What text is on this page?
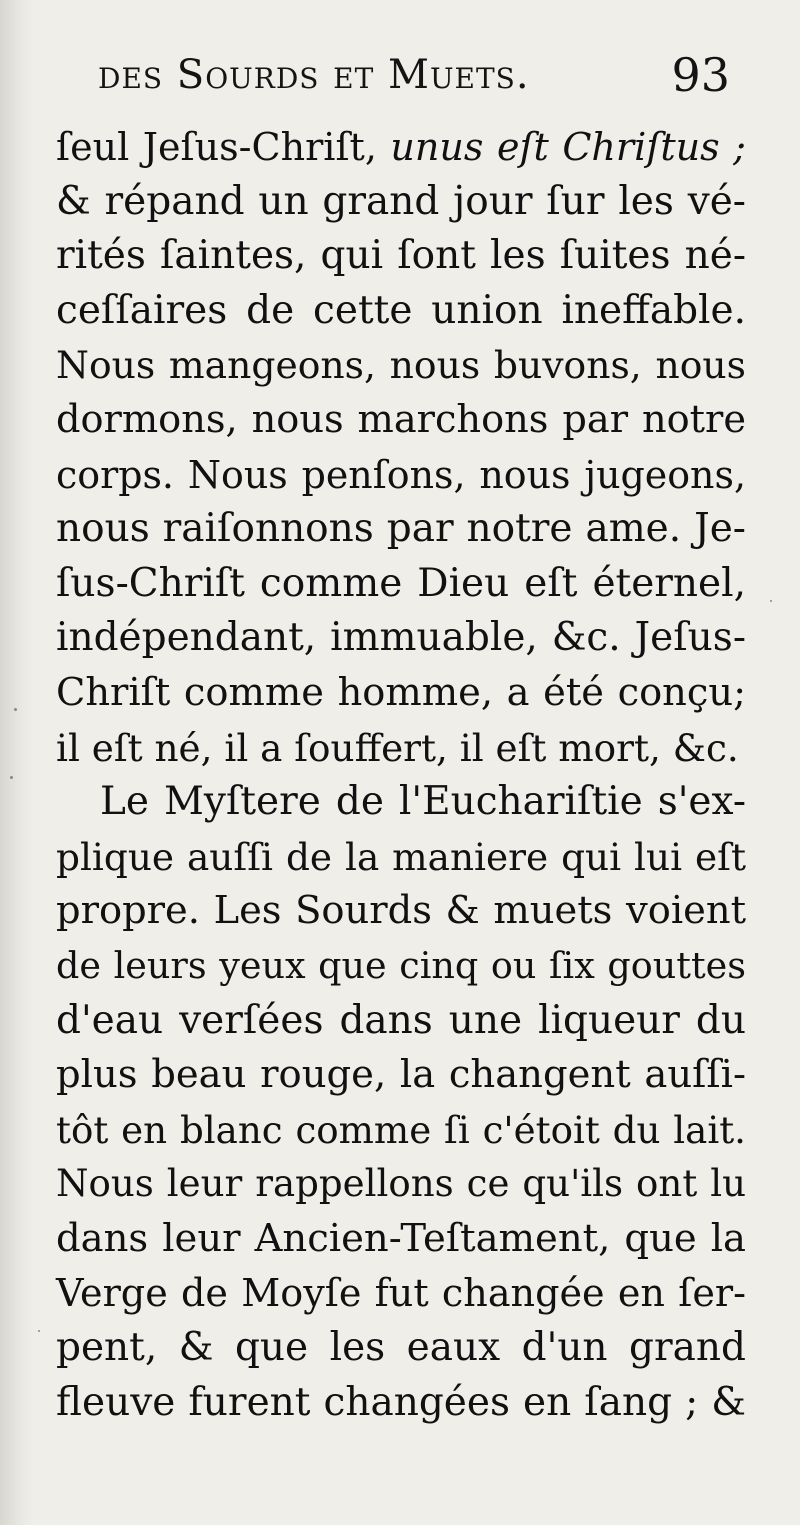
des Sourds et Muets.	93
ſeul Jeſus-Chriſt, unus eſt Chriſtus ;
& répand un grand jour ſur les vé-
rités ſaintes, qui ſont les ſuites né-
ceſſaires de cette union ineffable.
Nous mangeons, nous buvons, nous
dormons, nous marchons par notre
corps. Nous penſons, nous jugeons,
nous raiſonnons par notre ame. Je-
ſus-Chriſt comme Dieu eſt éternel,
indépendant, immuable, &c. Jeſus-
Chriſt comme homme, a été conçu;
il eſt né, il a ſouffert, il eſt mort, &c.
Le Myſtere de l'Euchariſtie s'ex-
plique auſſi de la maniere qui lui eſt
propre. Les Sourds & muets voient
de leurs yeux que cinq ou ſix gouttes
d'eau verſées dans une liqueur du
plus beau rouge, la changent auſſi-
tôt en blanc comme ſi c'étoit du lait.
Nous leur rappellons ce qu'ils ont lu
dans leur Ancien-Teſtament, que la
Verge de Moyſe fut changée en ſer-
pent, & que les eaux d'un grand
fleuve furent changées en ſang ; &
